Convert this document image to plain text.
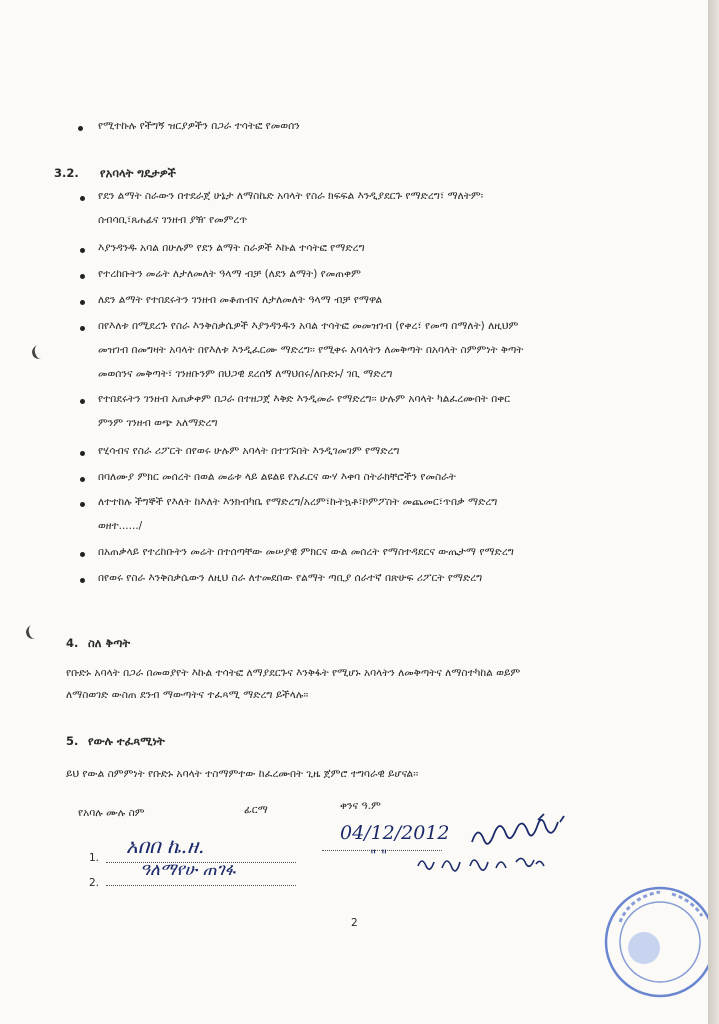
የሚተኩሉ የችግኝ ዝርያዎችን በጋራ ተሳትፎ የመወሰን
3.2. የአባላት ግዴታዎች
የደን ልማት ስራውን በተደራጀ ሁኔታ ለማስኬድ አባላት የስራ ክፍፍል እንዲያደርጉ የማድረግ፣ ማለትም፡
ሰብሳቢ፣ጸሐፊና ገንዘብ ያዥ የመምረጥ
እያንዳንዱ አባል በሁሉም የደን ልማት ስራዎች እኩል ተሳትፎ የማድረግ
የተረከቡትን መሬት ለታለመለት ዓላማ ብቻ (ለደን ልማት) የመጠቀም
ለደን ልማት የተበደሩትን ገንዘብ መቆጠብና ለታለመለት ዓላማ ብቻ የማዋል
በየእለቱ በሚደረጉ የስራ እንቅስቃሴዎች እያንዳንዱን አባል ተሳትፎ መመዝገብ (የቀረ፣ የመጣ በማለት) ለዚህም
መዝገብ በመግዛት አባላት በየእለቱ እንዲፈርሙ ማድረግ፡፡ የሚቀሩ አባላትን ለመቅጣት በአባላት ስምምነት ቅጣት
መወሰንና መቅጣት፣ ገንዘቡንም በህጋዊ ደረሰኝ ለማህበሩ/ለቡድኑ/ ገቢ ማድረግ
የተበደሩትን ገንዘብ አጠቃቀም በጋራ በተዘጋጀ እቅድ እንዲመራ የማድረግ፡፡ ሁሉም አባላት ካልፈረሙበት በቀር
ምንም ገንዘብ ወጭ አለማድረግ
የሂሳብና የስራ ሪፖርት በየወሩ ሁሉም አባላት በተገኙበት እንዲገመገም የማድረግ
በባለሙያ ምክር መሰረት በወል መሬቱ ላይ ልዩልዩ የአፈርና ውሃ እቀባ ስትራክቸሮችን የመስራት
ለተተከሉ ችግኞች የእለት ከእለት እንክብካቤ የማድረግ/አረም፣ኩትኳቶ፣ኮምፖስት መጨመር፣ጥበቃ ማድረግ
ወዘተ....../
በአጠቃላይ የተረከቡትን መሬት በተሰጣቸው መሠያዊ ምክርና ውል መሰረት የማስተዳደርና ውጤታማ የማድረግ
በየወሩ የስራ እንቅስቃሴውን ለዚህ ስራ ለተመደበው የልማት ጣቢያ ሰራተኛ በጽሁፍ ሪፖርት የማድረግ
4. ስለ ቅጣት
የቡድኑ አባላት በጋራ በመወያየት እኩል ተሳትፎ ለማያደርጉና እንቅፋት የሚሆኑ አባላትን ለመቅጣትና ለማስተካከል ወይም
ለማስወገድ ውስጠ ደንብ ማውጣትና ተፈጻሚ ማድረግ ይችላሉ፡፡
5. የውሉ ተፈጻሚነት
ይህ የውል ስምምነት የቡድኑ አባላት ተስማምተው ከፈረሙበት ጊዜ ጀምሮ ተግባራዊ ይሆናል፡፡
የአባሉ ሙሉ ስም	ፊርማ	ቀንና ዓ.ም
1. አበበ ኬ.ዘ.
04/12/2012
2.
ዓለማየሁ ጠገፋ
" "
2
